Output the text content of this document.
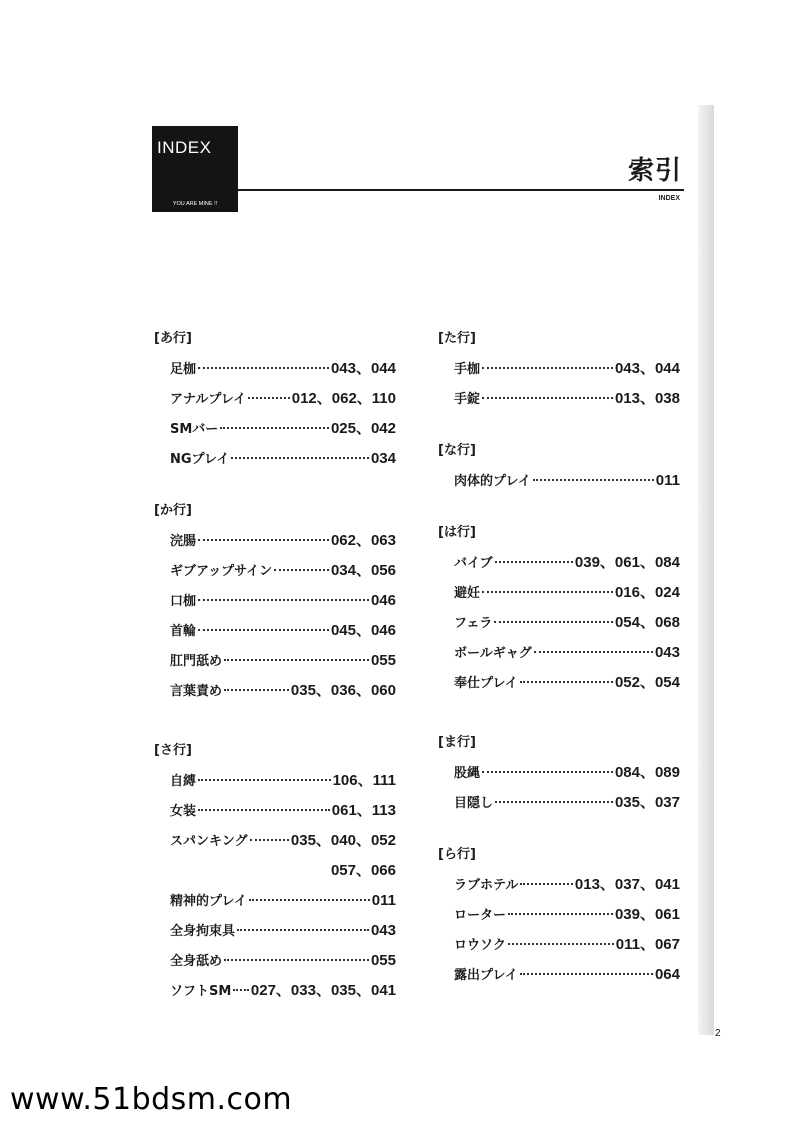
INDEX
YOU ARE MINE !!
索引
INDEX
[あ行]
足枷	043、044
アナルプレイ	012、062、110
SMバー	025、042
NGプレイ	034
[か行]
浣腸	062、063
ギブアップサイン	034、056
口枷	046
首輪	045、046
肛門舐め	055
言葉責め	035、036、060
[さ行]
自縛	106、111
女装	061、113
スパンキング	035、040、052
057、066
精神的プレイ	011
全身拘束具	043
全身舐め	055
ソフトSM 027、033、035、041
[た行]
手枷	043、044
手錠	013、038
[な行]
肉体的プレイ	011
[は行]
バイブ	039、061、084
避妊	016、024
フェラ	054、068
ボールギャグ	043
奉仕プレイ	052、054
[ま行]
股縄	084、089
目隠し	035、037
[ら行]
ラブホテル	013、037、041
ローター	039、061
ロウソク	011、067
露出プレイ	064
2
www.51bdsm.com
